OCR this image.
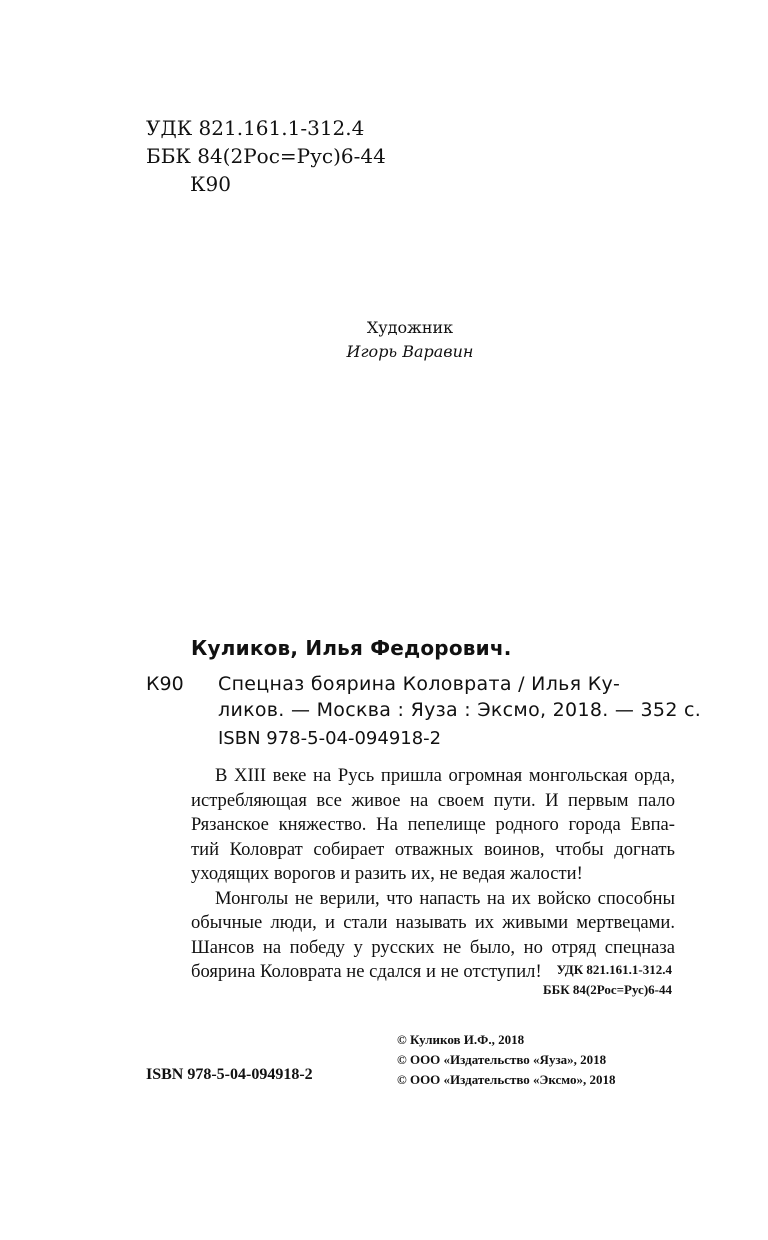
УДК 821.161.1-312.4
ББК 84(2Рос=Рус)6-44
К90
Художник
Игорь Варавин
Куликов, Илья Федорович.
К90 Спецназ боярина Коловрата / Илья Ку-
ликов. — Москва : Яуза : Эксмо, 2018. — 352 с.
ISBN 978-5-04-094918-2
В XIII веке на Русь пришла огромная монгольская орда,
истребляющая все живое на своем пути. И первым пало
Рязанское княжество. На пепелище родного города Евпа-
тий Коловрат собирает отважных воинов, чтобы догнать
уходящих ворогов и разить их, не ведая жалости!
Монголы не верили, что напасть на их войско способны
обычные люди, и стали называть их живыми мертвецами.
Шансов на победу у русских не было, но отряд спецназа
боярина Коловрата не сдался и не отступил!	УДК 821.161.1-312.4
ББК 84(2Рос=Рус)6-44
ISBN 978-5-04-094918-2
© Куликов И.Ф., 2018
© ООО «Издательство «Яуза», 2018
© ООО «Издательство «Эксмо», 2018
